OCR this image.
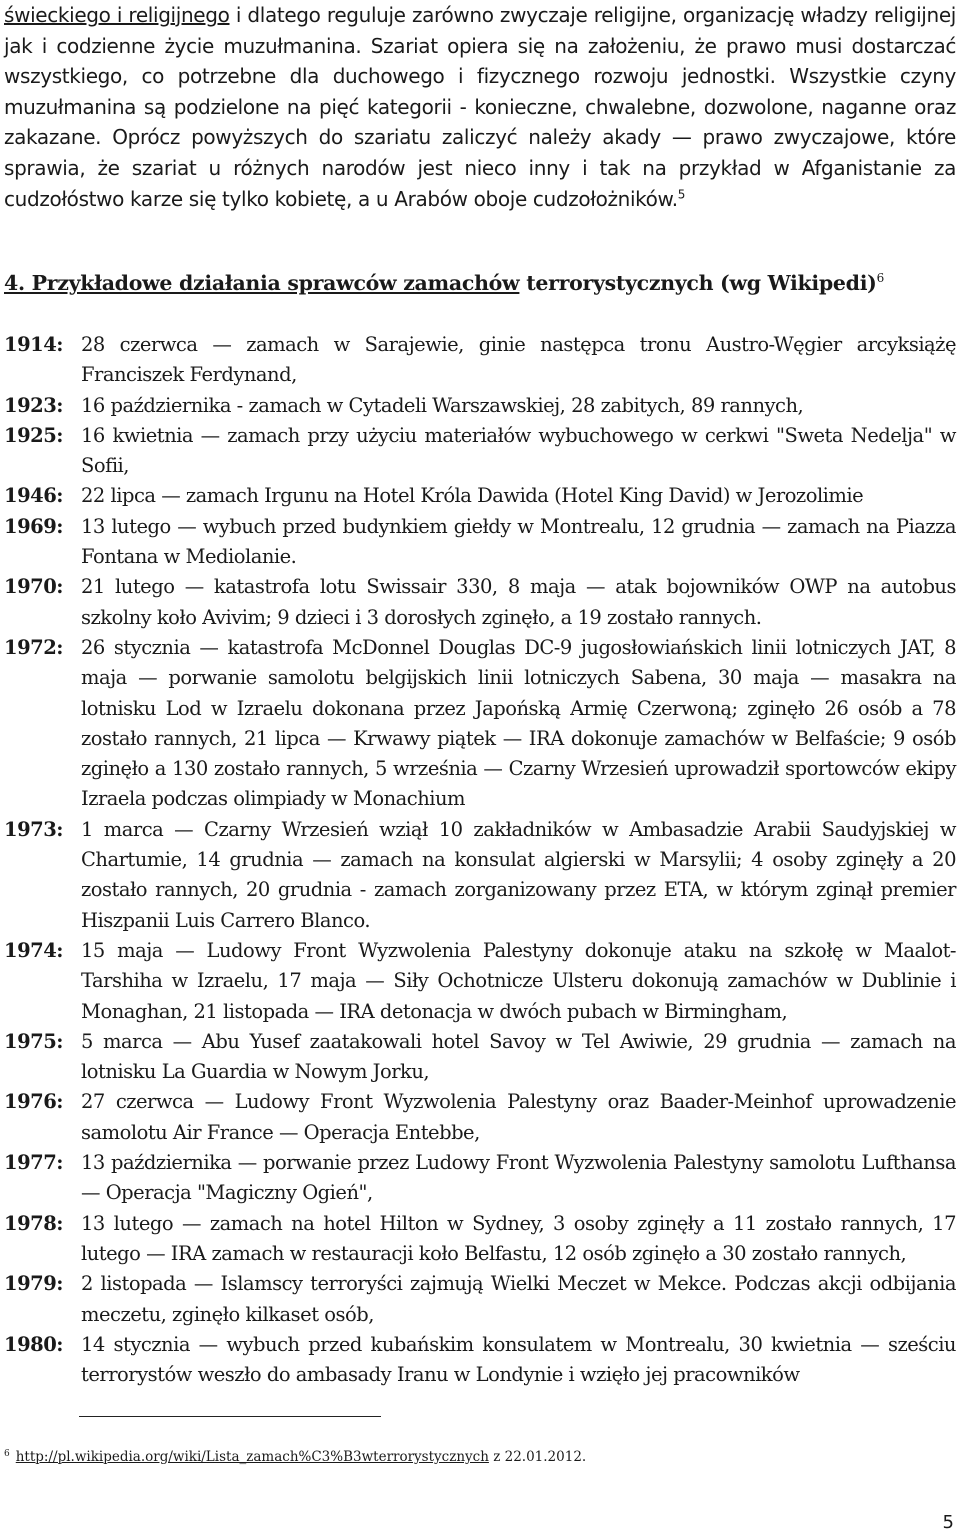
świeckiego i religijnego i dlatego reguluje zarówno zwyczaje religijne, organizację władzy religijnej jak i codzienne życie muzułmanina. Szariat opiera się na założeniu, że prawo musi dostarczać wszystkiego, co potrzebne dla duchowego i fizycznego rozwoju jednostki. Wszystkie czyny muzułmanina są podzielone na pięć kategorii - konieczne, chwalebne, dozwolone, naganne oraz zakazane. Oprócz powyższych do szariatu zaliczyć należy akady — prawo zwyczajowe, które sprawia, że szariat u różnych narodów jest nieco inny i tak na przykład w Afganistanie za cudzołóstwo karze się tylko kobietę, a u Arabów oboje cudzołożników.$^5$

4. Przykładowe działania sprawców zamachów terrorystycznych (wg Wikipedi)$^6$
1914: 28 czerwca — zamach w Sarajewie, ginie następca tronu Austro-Węgier arcyksiążę Franciszek Ferdynand,
1923: 16 października - zamach w Cytadeli Warszawskiej, 28 zabitych, 89 rannych,
1925: 16 kwietnia — zamach przy użyciu materiałów wybuchowego w cerkwi "Sweta Nedelja" w Sofii,
1946: 22 lipca — zamach Irgunu na Hotel Króla Dawida (Hotel King David) w Jerozolimie
1969: 13 lutego — wybuch przed budynkiem giełdy w Montrealu, 12 grudnia — zamach na Piazza Fontana w Mediolanie.
1970: 21 lutego — katastrofa lotu Swissair 330, 8 maja — atak bojowników OWP na autobus szkolny koło Avivim; 9 dzieci i 3 dorosłych zginęło, a 19 zostało rannych.
1972: 26 stycznia — katastrofa McDonnel Douglas DC-9 jugosłowiańskich linii lotniczych JAT, 8 maja — porwanie samolotu belgijskich linii lotniczych Sabena, 30 maja — masakra na lotnisku Lod w Izraelu dokonana przez Japońską Armię Czerwoną; zginęło 26 osób a 78 zostało rannych, 21 lipca — Krwawy piątek — IRA dokonuje zamachów w Belfaście; 9 osób zginęło a 130 zostało rannych, 5 września — Czarny Wrzesień uprowadził sportowców ekipy Izraela podczas olimpiady w Monachium
1973: 1 marca — Czarny Wrzesień wziął 10 zakładników w Ambasadzie Arabii Saudyjskiej w Chartumie, 14 grudnia — zamach na konsulat algierski w Marsylii; 4 osoby zginęły a 20 zostało rannych, 20 grudnia - zamach zorganizowany przez ETA, w którym zginął premier Hiszpanii Luis Carrero Blanco.
1974: 15 maja — Ludowy Front Wyzwolenia Palestyny dokonuje ataku na szkołę w Maalot-Tarshiha w Izraelu, 17 maja — Siły Ochotnicze Ulsteru dokonują zamachów w Dublinie i Monaghan, 21 listopada — IRA detonacja w dwóch pubach w Birmingham,
1975: 5 marca — Abu Yusef zaatakowali hotel Savoy w Tel Awiwie, 29 grudnia — zamach na lotnisku La Guardia w Nowym Jorku,
1976: 27 czerwca — Ludowy Front Wyzwolenia Palestyny oraz Baader-Meinhof uprowadzenie samolotu Air France — Operacja Entebbe,
1977: 13 października — porwanie przez Ludowy Front Wyzwolenia Palestyny samolotu Lufthansa — Operacja "Magiczny Ogień",
1978: 13 lutego — zamach na hotel Hilton w Sydney, 3 osoby zginęły a 11 zostało rannych, 17 lutego — IRA zamach w restauracji koło Belfastu, 12 osób zginęło a 30 zostało rannych,
1979: 2 listopada — Islamscy terroryści zajmują Wielki Meczet w Mekce. Podczas akcji odbijania meczetu, zginęło kilkaset osób,
1980: 14 stycznia — wybuch przed kubańskim konsulatem w Montrealu, 30 kwietnia — sześciu terrorystów weszło do ambasady Iranu w Londynie i wzięło jej pracowników
$^6$ http://pl.wikipedia.org/wiki/Lista_zamach%C3%B3wterrorystycznych z 22.01.2012.
5
